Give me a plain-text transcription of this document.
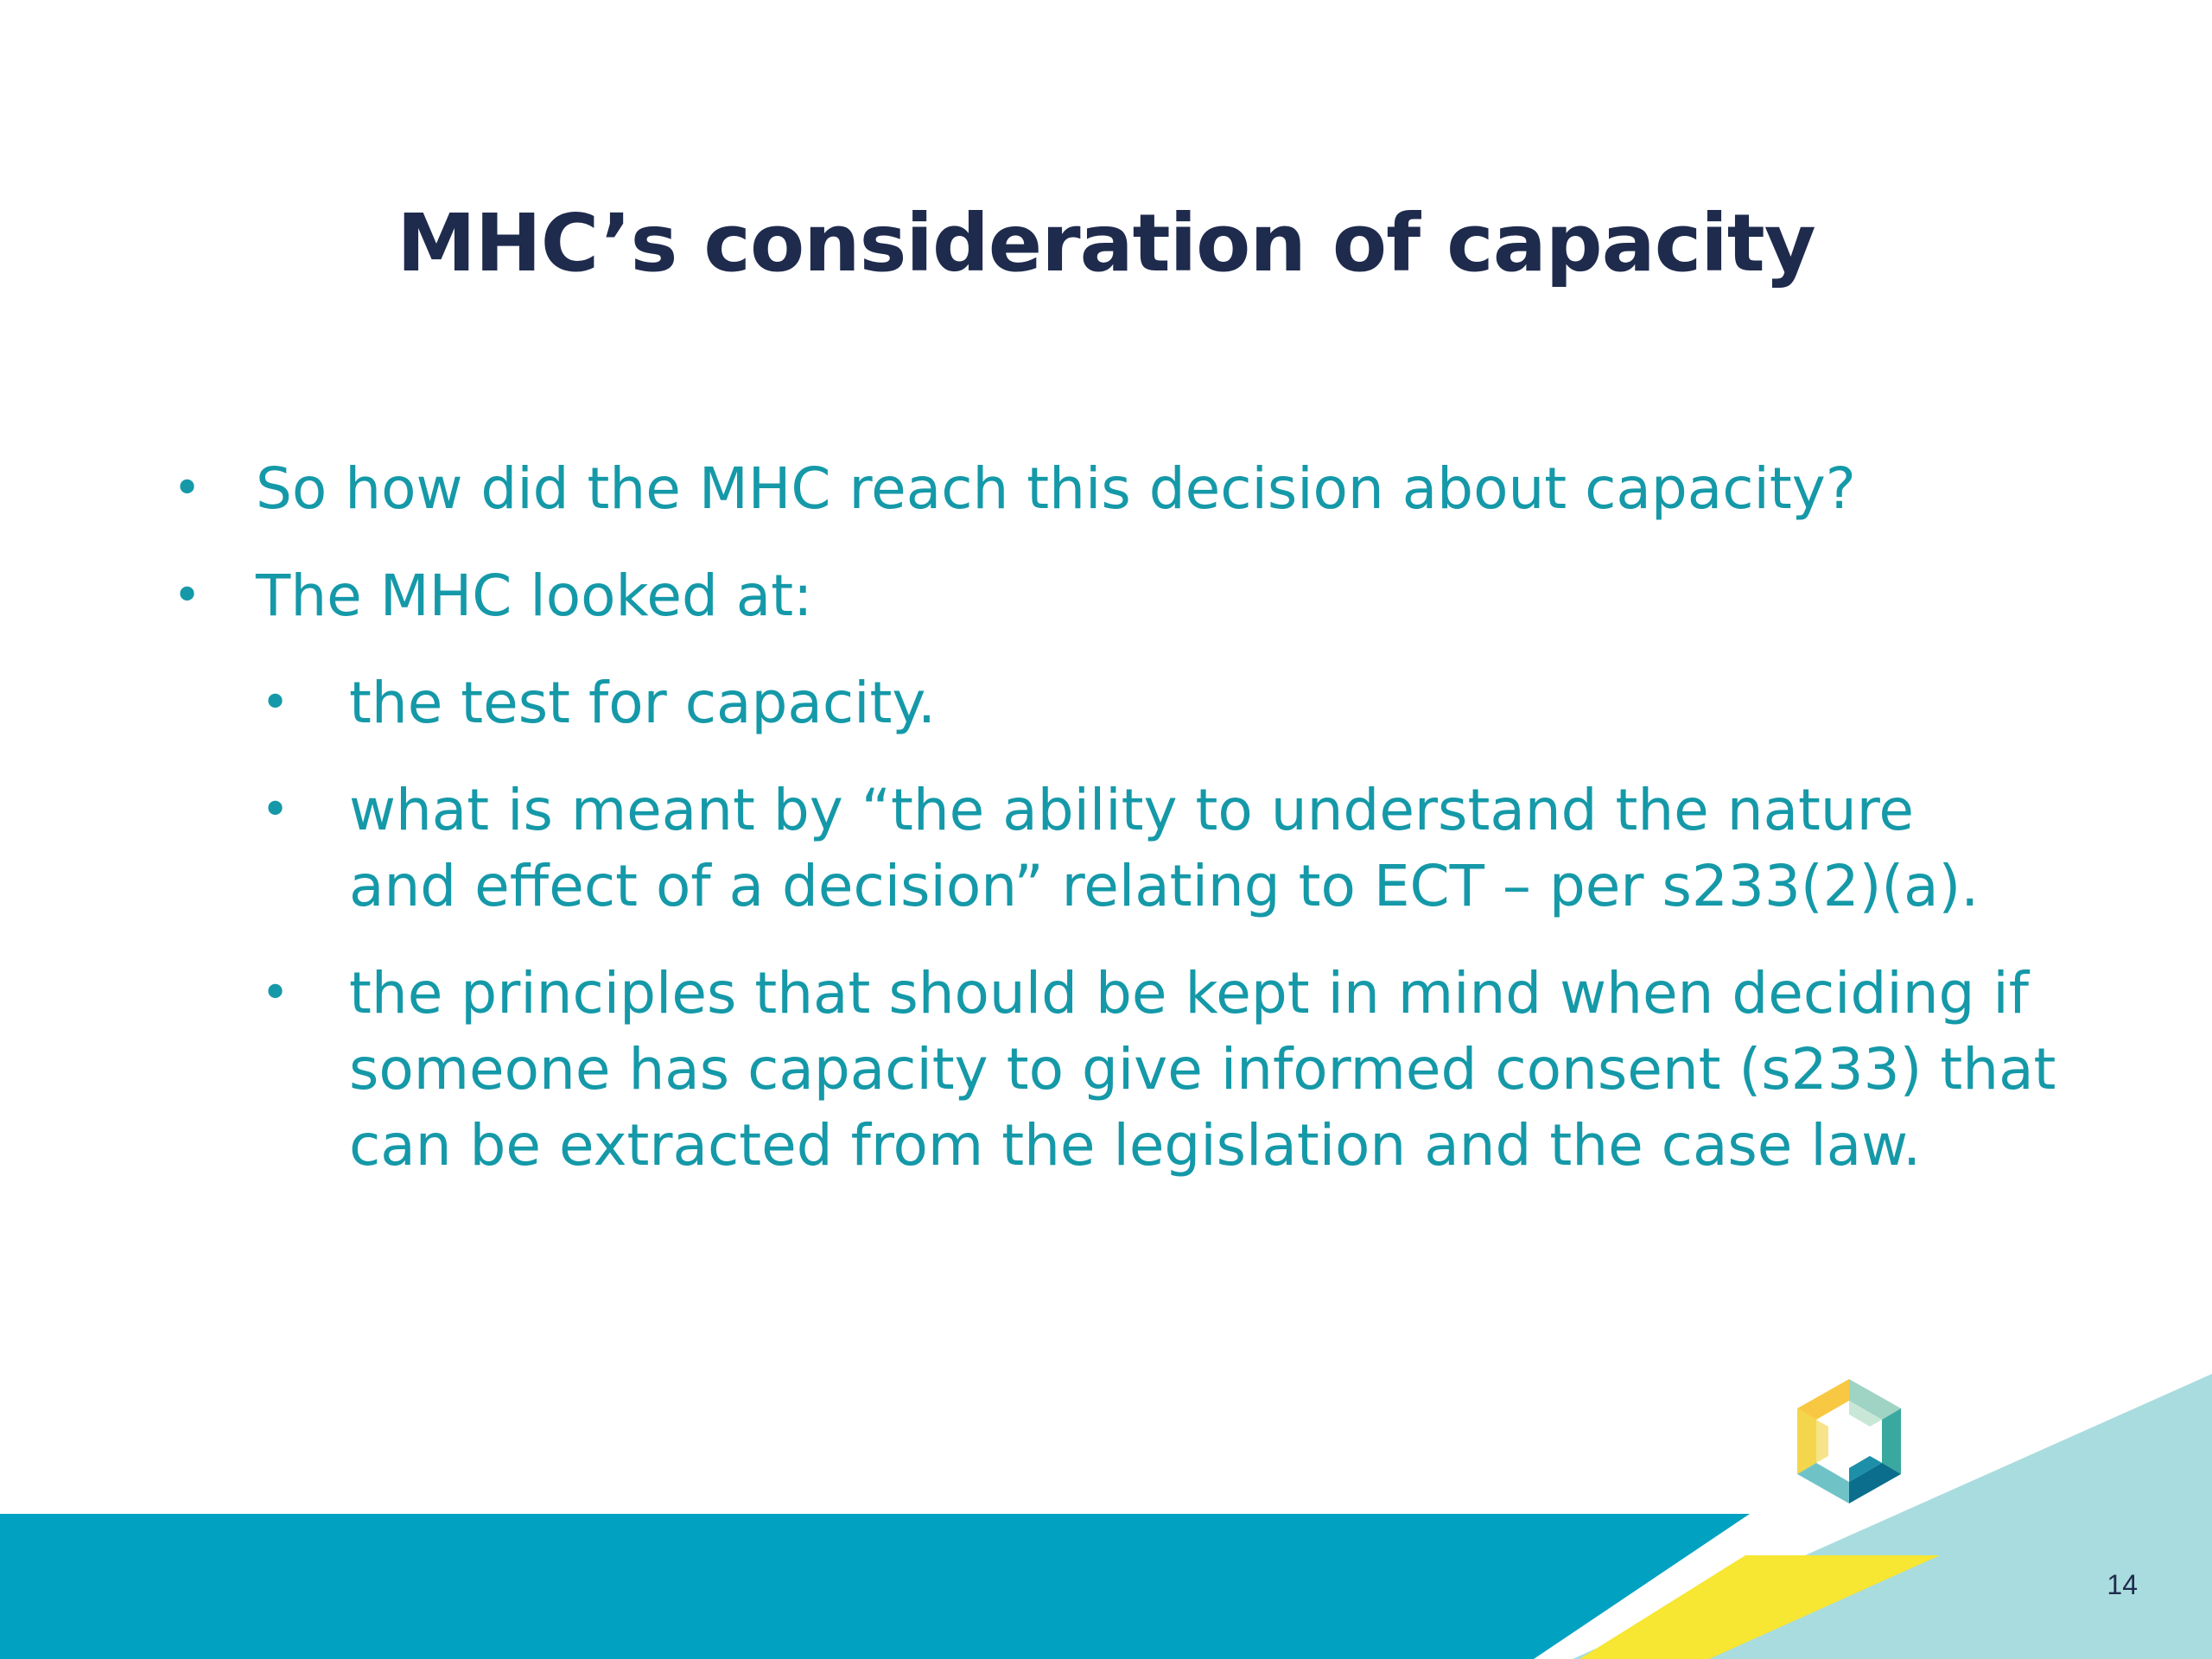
MHC’s consideration of capacity
• So how did the MHC reach this decision about capacity?
• The MHC looked at:
• the test for capacity.
• what is meant by “the ability to understand the nature and effect of a decision” relating to ECT – per s233(2)(a).
• the principles that should be kept in mind when deciding if someone has capacity to give informed consent (s233) that can be extracted from the legislation and the case law.
14
